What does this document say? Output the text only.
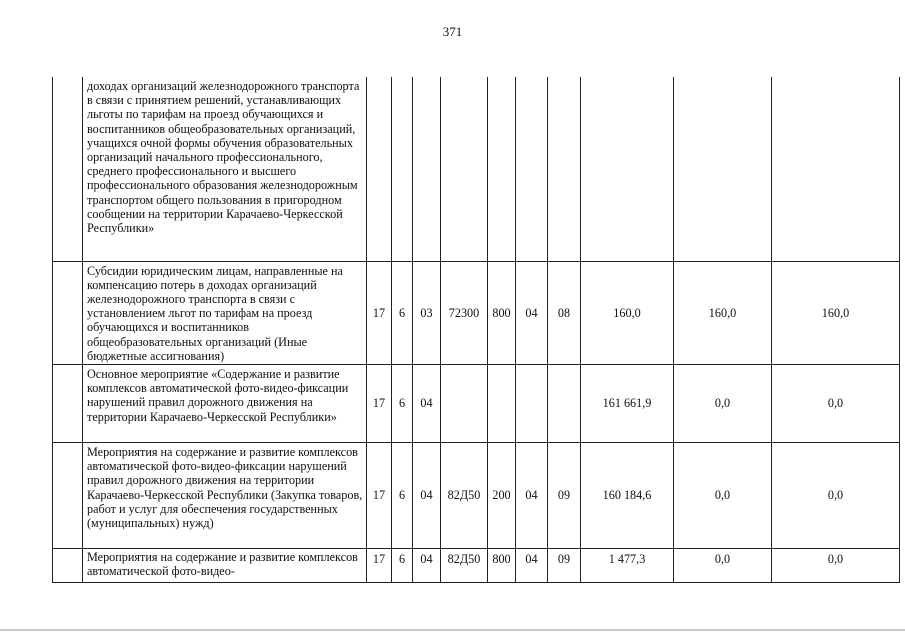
371
	доходах организаций железнодорожного транспорта в связи с принятием решений, устанавливающих льготы по тарифам на проезд обучающихся и воспитанников общеобразовательных организаций, учащихся очной формы обучения образовательных организаций начального профессионального, среднего профессионального и высшего профессионального образования железнодорожным транспортом общего пользования в пригородном сообщении на территории Карачаево-Черкесской Республики»										
	Субсидии юридическим лицам, направленные на компенсацию потерь в доходах организаций железнодорожного транспорта в связи с установлением льгот по тарифам на проезд обучающихся и воспитанников общеобразовательных организаций (Иные бюджетные ассигнования)	17	6	03	72300	800	04	08	160,0	160,0	160,0
	Основное мероприятие «Содержание и развитие комплексов автоматической фото-видео-фиксации нарушений правил дорожного движения на территории Карачаево-Черкесской Республики»	17	6	04					161 661,9	0,0	0,0
	Мероприятия на содержание и развитие комплексов автоматической фото-видео-фиксации нарушений правил дорожного движения на территории Карачаево-Черкесской Республики (Закупка товаров, работ и услуг для обеспечения государственных (муниципальных) нужд)	17	6	04	82Д50	200	04	09	160 184,6	0,0	0,0
	Мероприятия на содержание и развитие комплексов автоматической фото-видео-	17	6	04	82Д50	800	04	09	1 477,3	0,0	0,0
